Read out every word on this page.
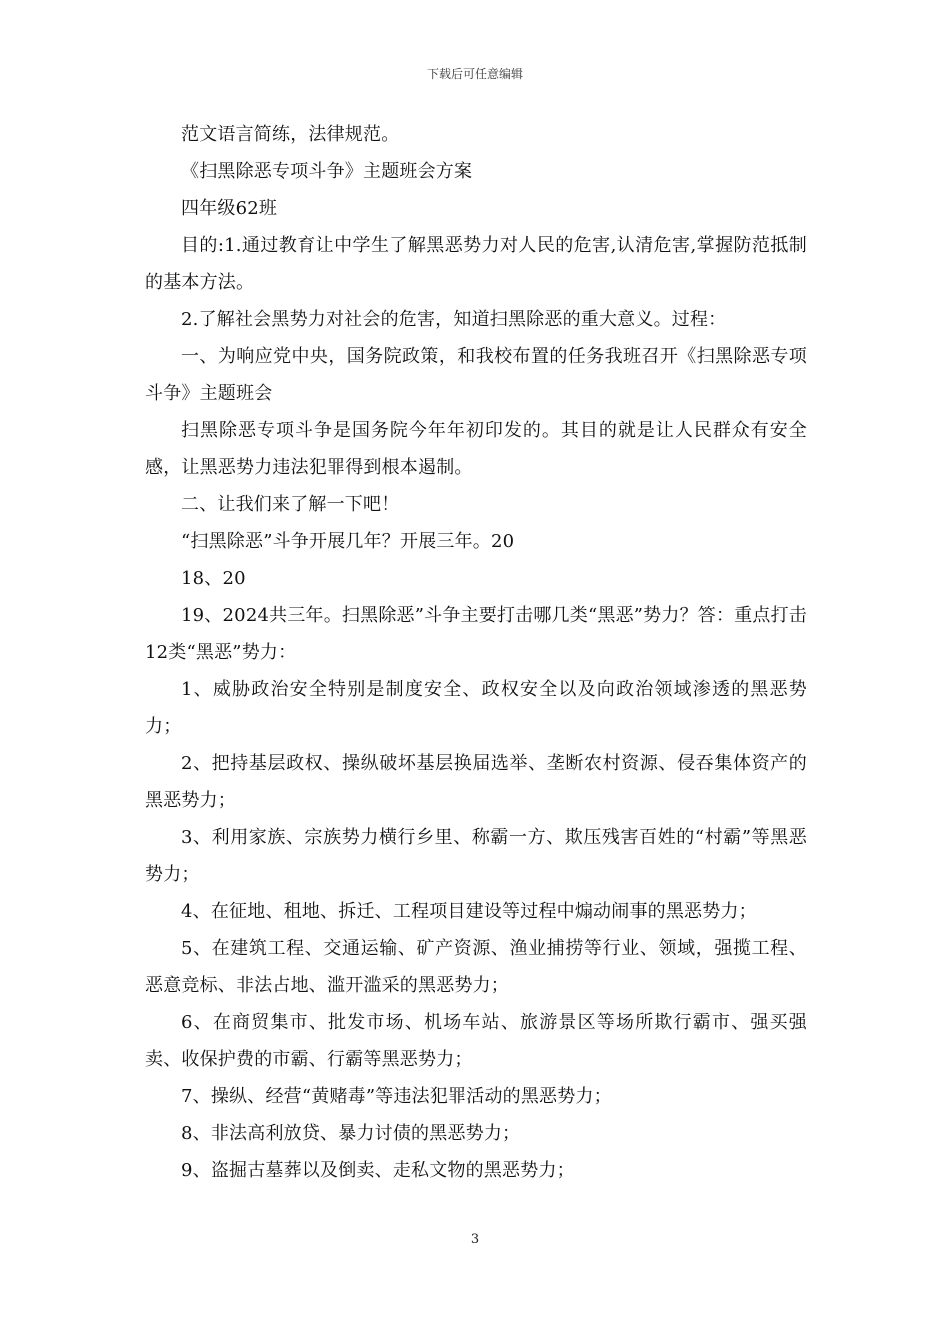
下载后可任意编辑

范文语言简练，法律规范。

《扫黑除恶专项斗争》主题班会方案

四年级62班

目的:1.通过教育让中学生了解黑恶势力对人民的危害,认清危害,掌握防范抵制的基本方法。

2.了解社会黑势力对社会的危害，知道扫黑除恶的重大意义。过程：

一、为响应党中央，国务院政策，和我校布置的任务我班召开《扫黑除恶专项斗争》主题班会

扫黑除恶专项斗争是国务院今年年初印发的。其目的就是让人民群众有安全感，让黑恶势力违法犯罪得到根本遏制。

二、让我们来了解一下吧！

“扫黑除恶”斗争开展几年？开展三年。20

18、20

19、2024共三年。扫黑除恶”斗争主要打击哪几类“黑恶”势力？答：重点打击12类“黑恶”势力：

1、威胁政治安全特别是制度安全、政权安全以及向政治领域渗透的黑恶势力；

2、把持基层政权、操纵破坏基层换届选举、垄断农村资源、侵吞集体资产的黑恶势力；

3、利用家族、宗族势力横行乡里、称霸一方、欺压残害百姓的“村霸”等黑恶势力；

4、在征地、租地、拆迁、工程项目建设等过程中煽动闹事的黑恶势力；

5、在建筑工程、交通运输、矿产资源、渔业捕捞等行业、领域，强揽工程、恶意竞标、非法占地、滥开滥采的黑恶势力；

6、在商贸集市、批发市场、机场车站、旅游景区等场所欺行霸市、强买强卖、收保护费的市霸、行霸等黑恶势力；

7、操纵、经营“黄赌毒”等违法犯罪活动的黑恶势力；

8、非法高利放贷、暴力讨债的黑恶势力；

9、盗掘古墓葬以及倒卖、走私文物的黑恶势力；

3
